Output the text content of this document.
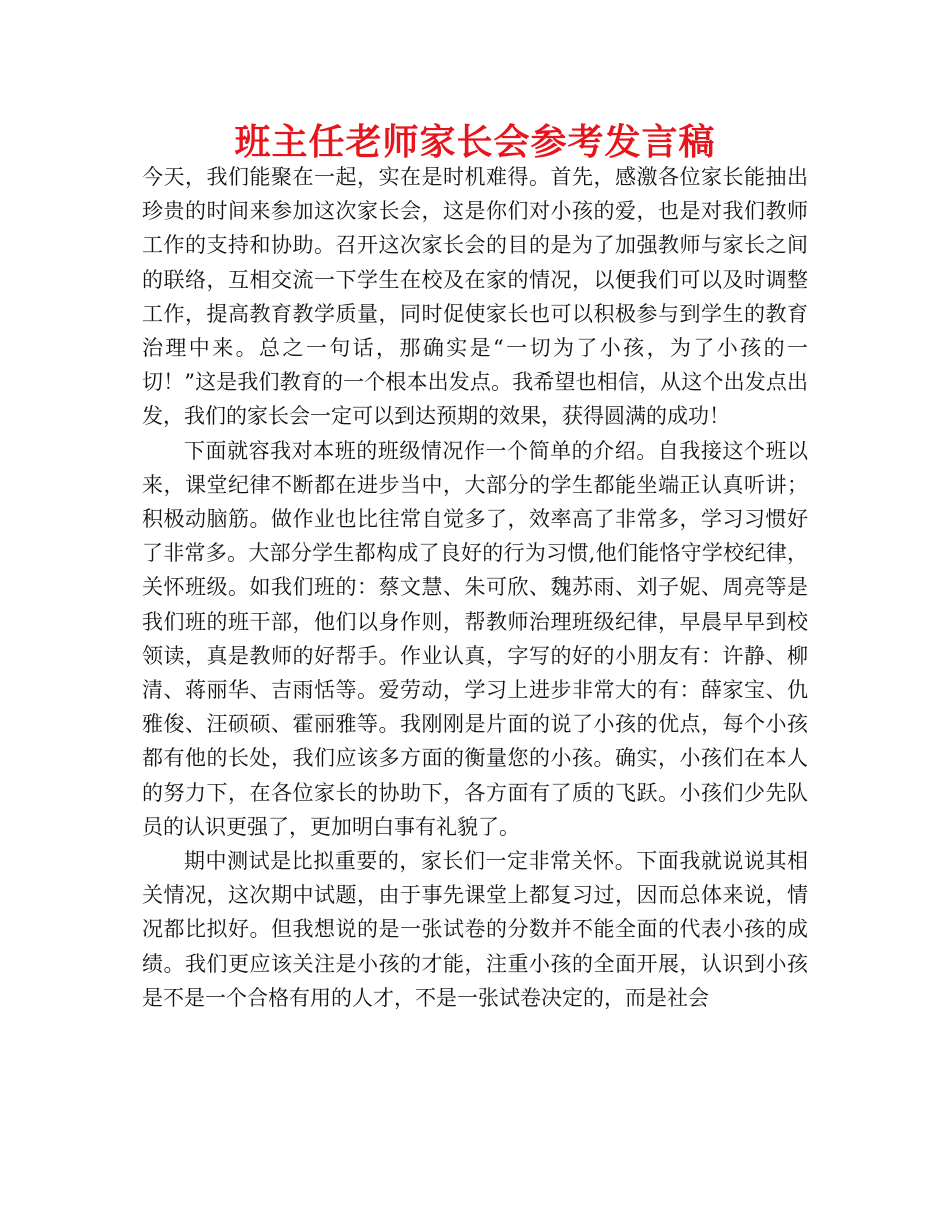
班主任老师家长会参考发言稿

今天，我们能聚在一起，实在是时机难得。首先，感激各位家长能抽出珍贵的时间来参加这次家长会，这是你们对小孩的爱，也是对我们教师工作的支持和协助。召开这次家长会的目的是为了加强教师与家长之间的联络，互相交流一下学生在校及在家的情况，以便我们可以及时调整工作，提高教育教学质量，同时促使家长也可以积极参与到学生的教育治理中来。总之一句话，那确实是“一切为了小孩，为了小孩的一切！”这是我们教育的一个根本出发点。我希望也相信，从这个出发点出发，我们的家长会一定可以到达预期的效果，获得圆满的成功！

下面就容我对本班的班级情况作一个简单的介绍。自我接这个班以来，课堂纪律不断都在进步当中，大部分的学生都能坐端正认真听讲；积极动脑筋。做作业也比往常自觉多了，效率高了非常多，学习习惯好了非常多。大部分学生都构成了良好的行为习惯,他们能恪守学校纪律，关怀班级。如我们班的：蔡文慧、朱可欣、魏苏雨、刘子妮、周亮等是我们班的班干部，他们以身作则，帮教师治理班级纪律，早晨早早到校领读，真是教师的好帮手。作业认真，字写的好的小朋友有：许静、柳清、蒋丽华、吉雨恬等。爱劳动，学习上进步非常大的有：薛家宝、仇雅俊、汪硕硕、霍丽雅等。我刚刚是片面的说了小孩的优点，每个小孩都有他的长处，我们应该多方面的衡量您的小孩。确实，小孩们在本人的努力下，在各位家长的协助下，各方面有了质的飞跃。小孩们少先队员的认识更强了，更加明白事有礼貌了。

期中测试是比拟重要的，家长们一定非常关怀。下面我就说说其相关情况，这次期中试题，由于事先课堂上都复习过，因而总体来说，情况都比拟好。但我想说的是一张试卷的分数并不能全面的代表小孩的成绩。我们更应该关注是小孩的才能，注重小孩的全面开展，认识到小孩是不是一个合格有用的人才，不是一张试卷决定的，而是社会
